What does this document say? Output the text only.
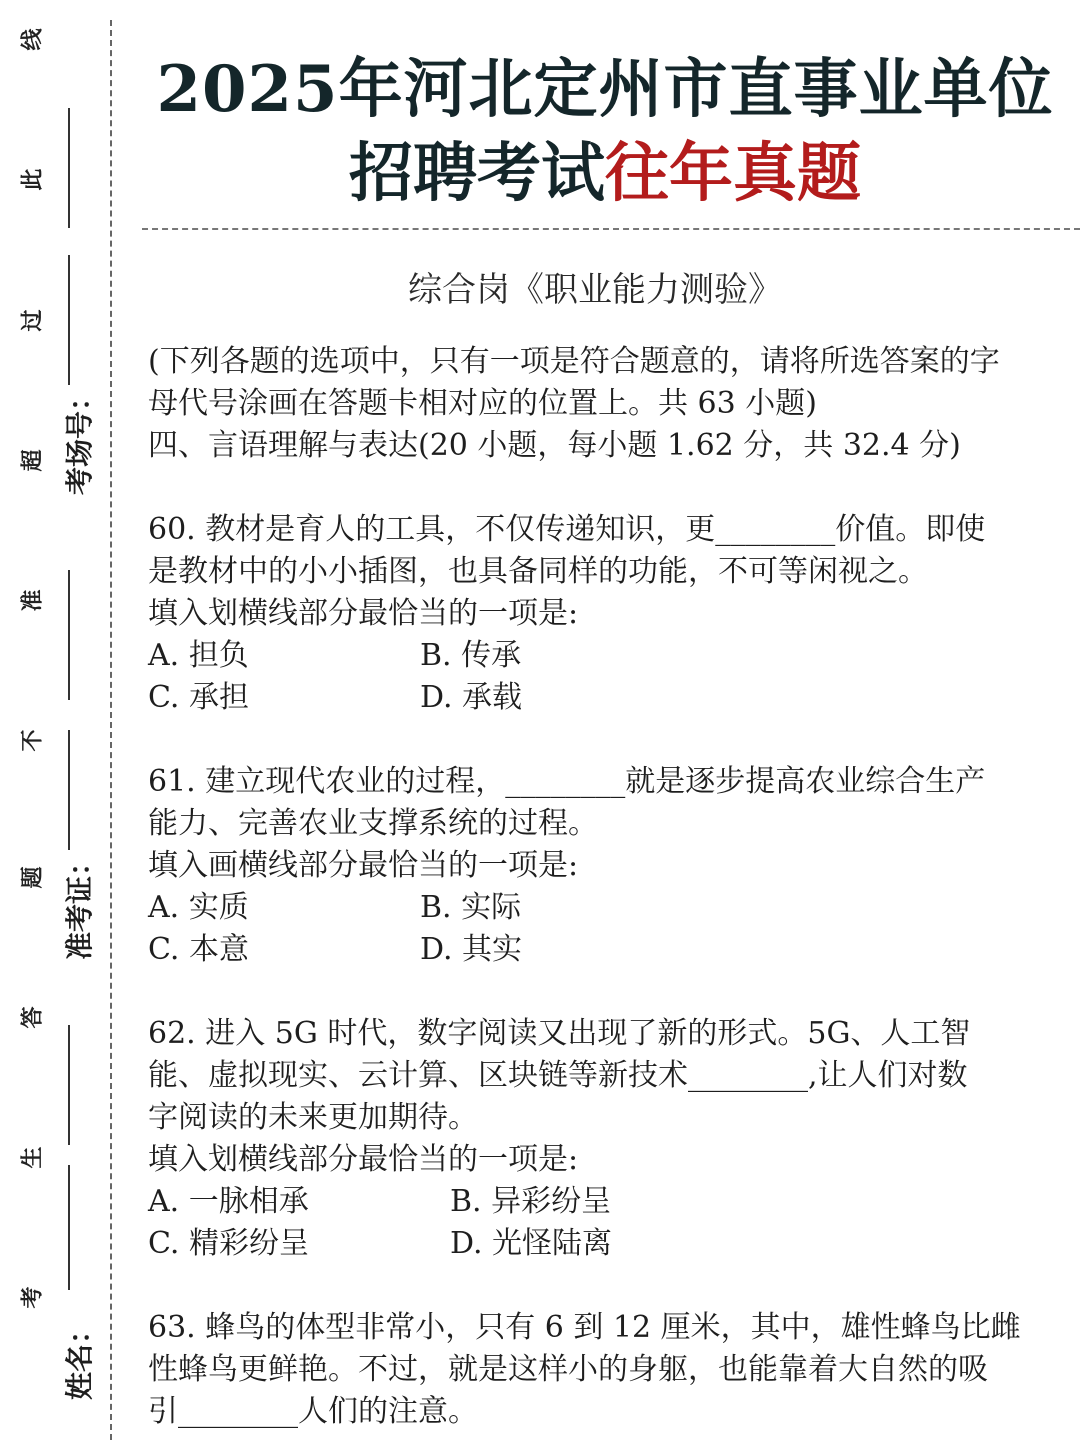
线
此
过
超 考场号：
准
不
题 准考证：
答
生
考
姓名：
2025年河北定州市直事业单位
招聘考试往年真题
综合岗《职业能力测验》

(下列各题的选项中，只有一项是符合题意的，请将所选答案的字

母代号涂画在答题卡相对应的位置上。共 63 小题)

四、言语理解与表达(20 小题，每小题 1.62 分，共 32.4 分)

60. 教材是育人的工具，不仅传递知识，更________价值。即使

是教材中的小小插图，也具备同样的功能，不可等闲视之。

填入划横线部分最恰当的一项是:

A. 担负	B. 传承
C. 承担	D. 承载

61. 建立现代农业的过程，________就是逐步提高农业综合生产

能力、完善农业支撑系统的过程。

填入画横线部分最恰当的一项是:

A. 实质	B. 实际
C. 本意	D. 其实

62. 进入 5G 时代，数字阅读又出现了新的形式。5G、人工智

能、虚拟现实、云计算、区块链等新技术________,让人们对数

字阅读的未来更加期待。

填入划横线部分最恰当的一项是:

A. 一脉相承	B. 异彩纷呈
C. 精彩纷呈	D. 光怪陆离

63. 蜂鸟的体型非常小，只有 6 到 12 厘米，其中，雄性蜂鸟比雌

性蜂鸟更鲜艳。不过，就是这样小的身躯，也能靠着大自然的吸

引________人们的注意。
